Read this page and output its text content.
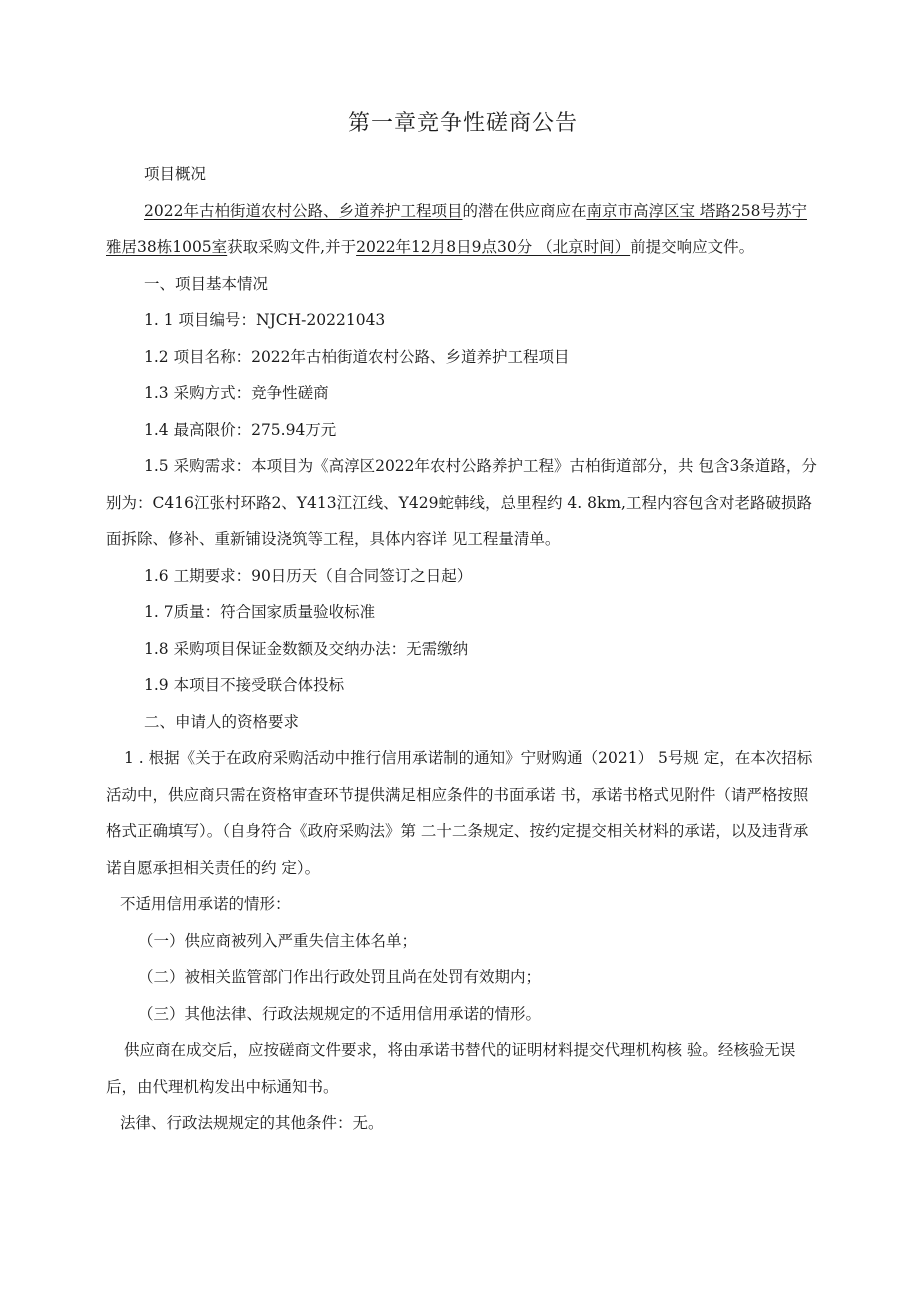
第一章竞争性磋商公告

项目概况

2022年古柏街道农村公路、乡道养护工程项目的潜在供应商应在南京市高淳区宝 塔路258号苏宁雅居38栋1005室获取采购文件,并于2022年12月8日9点30分 （北京时间）前提交响应文件。

一、项目基本情况

1. 1 项目编号：NJCH-20221043

1.2 项目名称：2022年古柏街道农村公路、乡道养护工程项目

1.3 采购方式：竞争性磋商

1.4 最高限价：275.94万元

1.5 采购需求：本项目为《高淳区2022年农村公路养护工程》古柏街道部分，共 包含3条道路，分别为：C416江张村环路2、Y413江江线、Y429蛇韩线，总里程约 4. 8km,工程内容包含对老路破损路面拆除、修补、重新铺设浇筑等工程，具体内容详 见工程量清单。

1.6 工期要求：90日历天（自合同签订之日起）

1. 7质量：符合国家质量验收标准

1.8 采购项目保证金数额及交纳办法：无需缴纳

1.9 本项目不接受联合体投标

二、申请人的资格要求

1 . 根据《关于在政府采购活动中推行信用承诺制的通知》宁财购通（2021） 5号规 定，在本次招标活动中，供应商只需在资格审查环节提供满足相应条件的书面承诺 书，承诺书格式见附件（请严格按照格式正确填写）。（自身符合《政府采购法》第 二十二条规定、按约定提交相关材料的承诺，以及违背承诺自愿承担相关责任的约 定）。

不适用信用承诺的情形：

（一）供应商被列入严重失信主体名单；

（二）被相关监管部门作出行政处罚且尚在处罚有效期内；

（三）其他法律、行政法规规定的不适用信用承诺的情形。

供应商在成交后，应按磋商文件要求，将由承诺书替代的证明材料提交代理机构核 验。经核验无误后，由代理机构发出中标通知书。

法律、行政法规规定的其他条件：无。
